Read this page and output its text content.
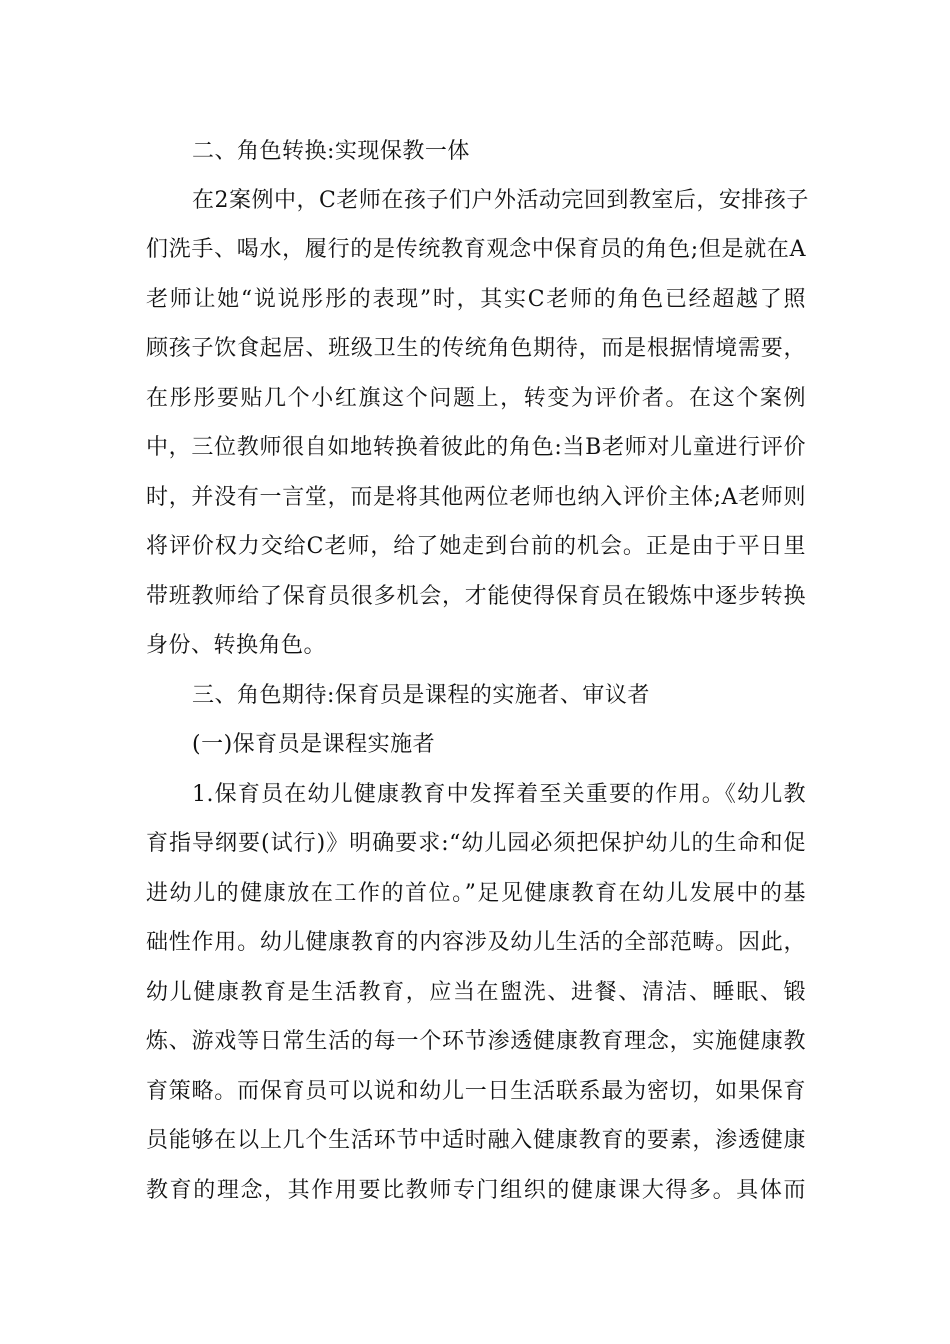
二、角色转换:实现保教一体
在2案例中，C老师在孩子们户外活动完回到教室后，安排孩子
们洗手、喝水，履行的是传统教育观念中保育员的角色;但是就在A
老师让她“说说彤彤的表现”时，其实C老师的角色已经超越了照
顾孩子饮食起居、班级卫生的传统角色期待，而是根据情境需要，
在彤彤要贴几个小红旗这个问题上，转变为评价者。在这个案例
中，三位教师很自如地转换着彼此的角色:当B老师对儿童进行评价
时，并没有一言堂，而是将其他两位老师也纳入评价主体;A老师则
将评价权力交给C老师，给了她走到台前的机会。正是由于平日里
带班教师给了保育员很多机会，才能使得保育员在锻炼中逐步转换
身份、转换角色。
三、角色期待:保育员是课程的实施者、审议者
(一)保育员是课程实施者
1.保育员在幼儿健康教育中发挥着至关重要的作用。《幼儿教
育指导纲要(试行)》明确要求:“幼儿园必须把保护幼儿的生命和促
进幼儿的健康放在工作的首位。”足见健康教育在幼儿发展中的基
础性作用。幼儿健康教育的内容涉及幼儿生活的全部范畴。因此，
幼儿健康教育是生活教育，应当在盥洗、进餐、清洁、睡眠、锻
炼、游戏等日常生活的每一个环节渗透健康教育理念，实施健康教
育策略。而保育员可以说和幼儿一日生活联系最为密切，如果保育
员能够在以上几个生活环节中适时融入健康教育的要素，渗透健康
教育的理念，其作用要比教师专门组织的健康课大得多。具体而
